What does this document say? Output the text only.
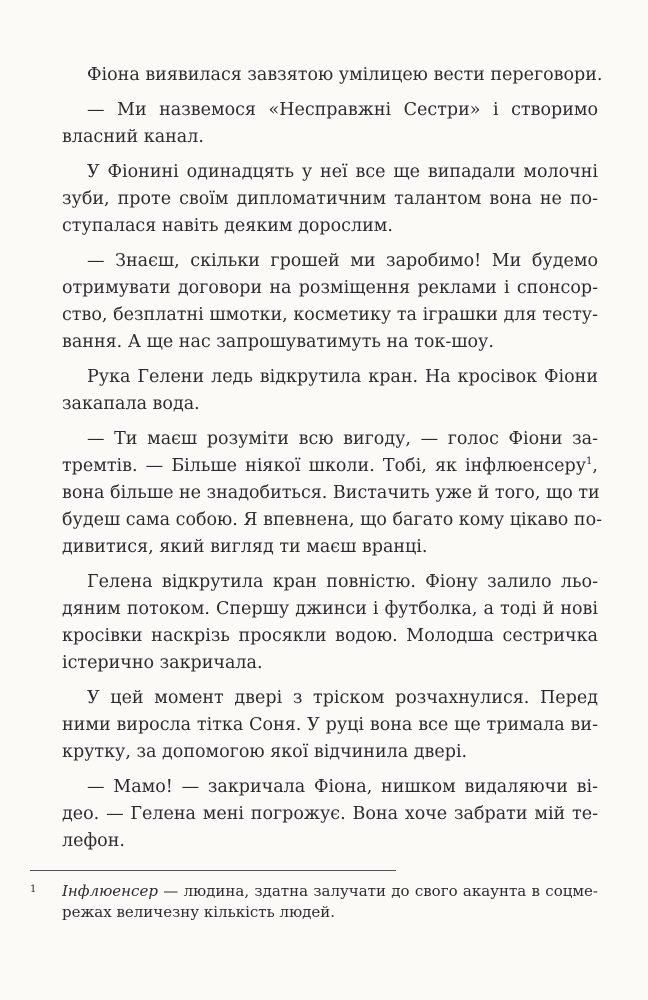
Фіона виявилася завзятою умілицею вести переговори.
— Ми назвемося «Несправжні Сестри» і створимо
власний канал.
У Фіонині одинадцять у неї все ще випадали молочні
зуби, проте своїм дипломатичним талантом вона не по-
ступалася навіть деяким дорослим.
— Знаєш, скільки грошей ми заробимо! Ми будемо
отримувати договори на розміщення реклами і спонсор-
ство, безплатні шмотки, косметику та іграшки для тесту-
вання. А ще нас запрошуватимуть на ток-шоу.
Рука Гелени ледь відкрутила кран. На кросівок Фіони
закапала вода.
— Ти маєш розуміти всю вигоду, — голос Фіони за-
тремтів. — Більше ніякої школи. Тобі, як інфлюенсеру$^1$,
вона більше не знадобиться. Вистачить уже й того, що ти
будеш сама собою. Я впевнена, що багато кому цікаво по-
дивитися, який вигляд ти маєш вранці.
Гелена відкрутила кран повністю. Фіону залило льо-
дяним потоком. Спершу джинси і футболка, а тоді й нові
кросівки наскрізь просякли водою. Молодша сестричка
істерично закричала.
У цей момент двері з тріском розчахнулися. Перед
ними виросла тітка Соня. У руці вона все ще тримала ви-
крутку, за допомогою якої відчинила двері.
— Мамо! — закричала Фіона, нишком видаляючи ві-
део. — Гелена мені погрожує. Вона хоче забрати мій те-
лефон.
1 Інфлюенсер — людина, здатна залучати до свого акаунта в соцме-
режах величезну кількість людей.
